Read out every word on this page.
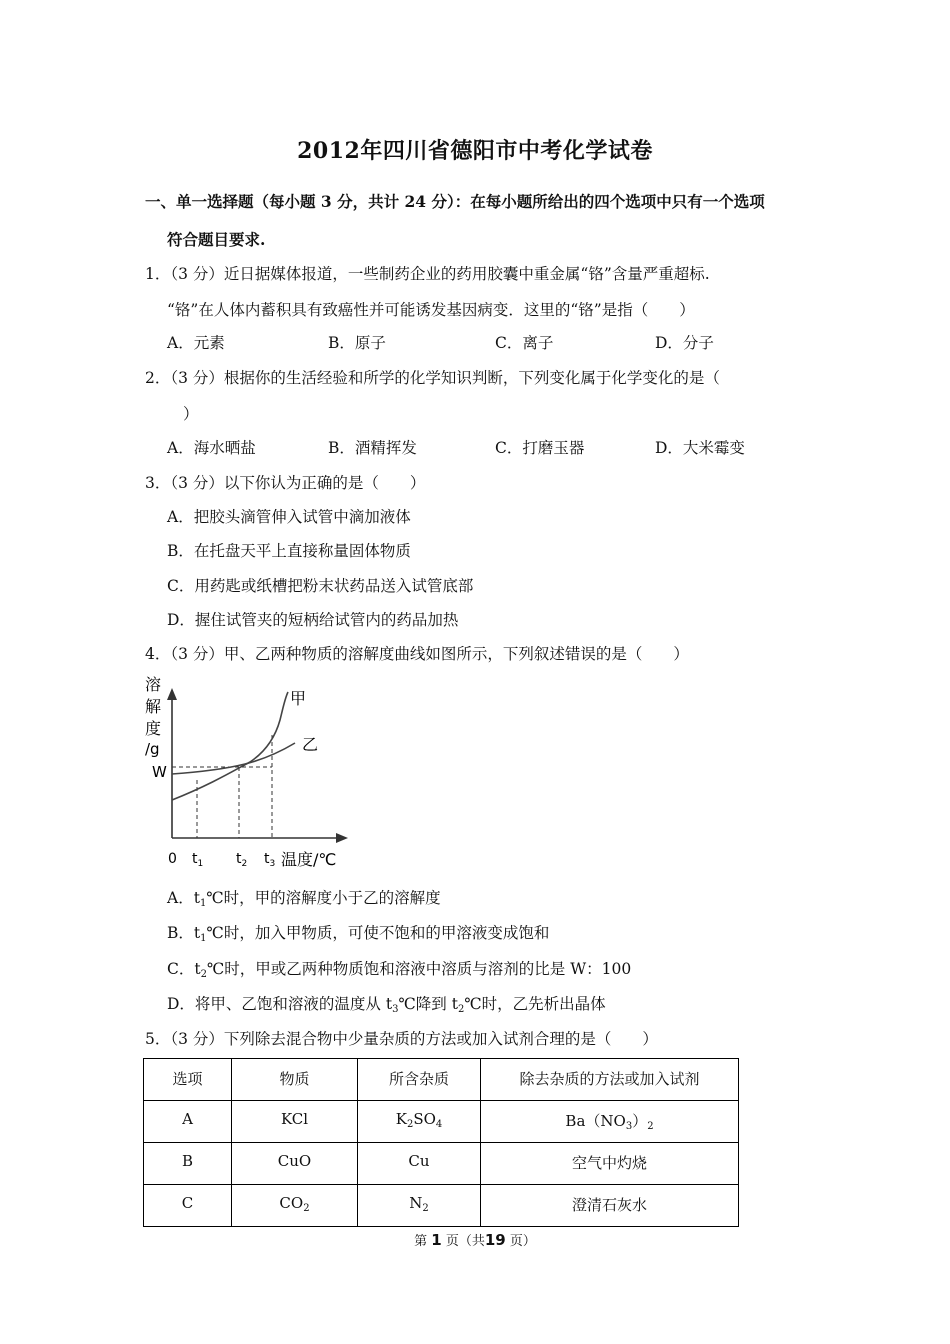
2012年四川省德阳市中考化学试卷
一、单一选择题（每小题 3 分，共计 24 分）：在每小题所给出的四个选项中只有一个选项
符合题目要求.
1．（3 分）近日据媒体报道，一些制药企业的药用胶囊中重金属“铬”含量严重超标.
“铬”在人体内蓄积具有致癌性并可能诱发基因病变．这里的“铬”是指（　　）
A．元素	B．原子	C．离子	D．分子
2．（3 分）根据你的生活经验和所学的化学知识判断，下列变化属于化学变化的是（
）
A．海水晒盐	B．酒精挥发	C．打磨玉器	D．大米霉变
3．（3 分）以下你认为正确的是（　　）
A．把胶头滴管伸入试管中滴加液体
B．在托盘天平上直接称量固体物质
C．用药匙或纸槽把粉末状药品送入试管底部
D．握住试管夹的短柄给试管内的药品加热
4．（3 分）甲、乙两种物质的溶解度曲线如图所示，下列叙述错误的是（　　）
溶
解
度
/g
W
甲
乙
0 $t_1$ $t_2$ $t_3$ 温度/℃
A．$t_1℃$时，甲的溶解度小于乙的溶解度
B．$t_1℃$时，加入甲物质，可使不饱和的甲溶液变成饱和
C．$t_2℃$时，甲或乙两种物质饱和溶液中溶质与溶剂的比是 W：100
D．将甲、乙饱和溶液的温度从 $t_3℃$降到 $t_2℃$时，乙先析出晶体
5．（3 分）下列除去混合物中少量杂质的方法或加入试剂合理的是（　　）
选项	物质	所含杂质	除去杂质的方法或加入试剂
A	KCl	$K_2SO_4$	$Ba(NO_3)_2$
B	CuO	Cu	空气中灼烧
C	$CO_2$	$N_2$	澄清石灰水
第 1 页（共19 页）
